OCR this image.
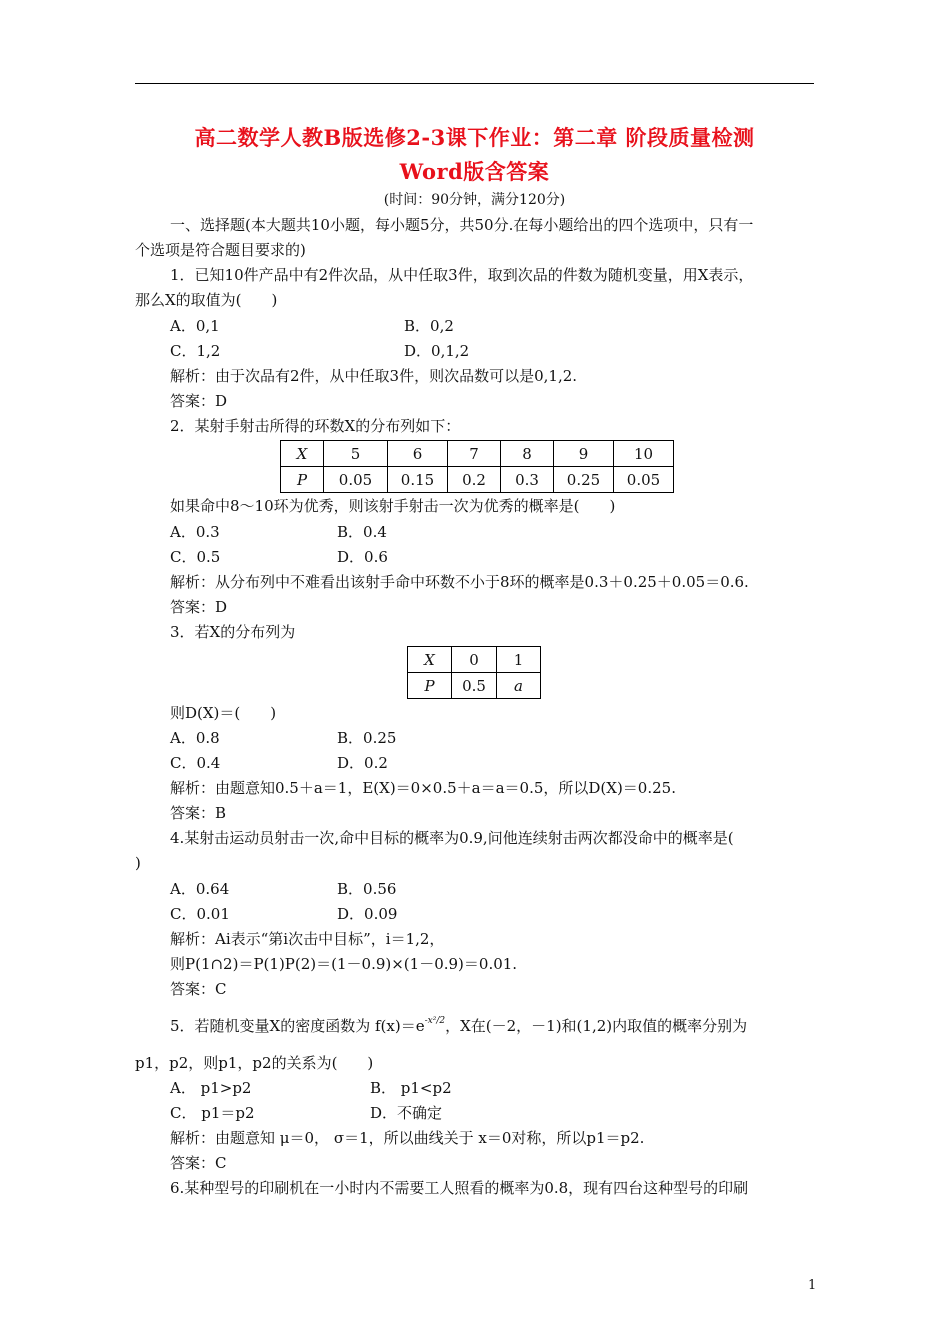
高二数学人教B版选修2-3课下作业：第二章 阶段质量检测
Word版含答案
(时间：90分钟，满分120分)
一、选择题(本大题共10小题，每小题5分，共50分.在每小题给出的四个选项中，只有一
个选项是符合题目要求的)
1．已知10件产品中有2件次品，从中任取3件，取到次品的件数为随机变量，用X表示，
那么X的取值为(　　)
A．0,1	B．0,2
C．1,2	D．0,1,2
解析：由于次品有2件，从中任取3件，则次品数可以是0,1,2.
答案：D
2．某射手射击所得的环数X的分布列如下：
X	5	6	7	8	9	10
P	0.05	0.15	0.2	0.3	0.25	0.05
如果命中8～10环为优秀，则该射手射击一次为优秀的概率是(　　)
A．0.3	B．0.4
C．0.5	D．0.6
解析：从分布列中不难看出该射手命中环数不小于8环的概率是0.3＋0.25＋0.05＝0.6.
答案：D
3．若X的分布列为
X	0	1
P	0.5	a
则D(X)＝(　　)
A．0.8	B．0.25
C．0.4	D．0.2
解析：由题意知0.5＋a＝1，E(X)＝0×0.5＋a＝a＝0.5，所以D(X)＝0.25.
答案：B
4.某射击运动员射击一次,命中目标的概率为0.9,问他连续射击两次都没命中的概率是(
)
A．0.64	B．0.56
C．0.01	D．0.09
解析：Ai表示“第i次击中目标”，i＝1,2，
则P(1∩2)＝P(1)P(2)＝(1－0.9)×(1－0.9)＝0.01.
答案：C
5．若随机变量X的密度函数为 $f(x)=e^{-x^2/2}$，X在(－2，－1)和(1,2)内取值的概率分别为
p1，p2，则p1，p2的关系为(　　)
A． p1>p2	B． p1<p2
C． p1＝p2	D．不确定
解析：由题意知 μ＝0， σ＝1，所以曲线关于 x＝0对称，所以p1＝p2.
答案：C
6.某种型号的印刷机在一小时内不需要工人照看的概率为0.8，现有四台这种型号的印刷
1
